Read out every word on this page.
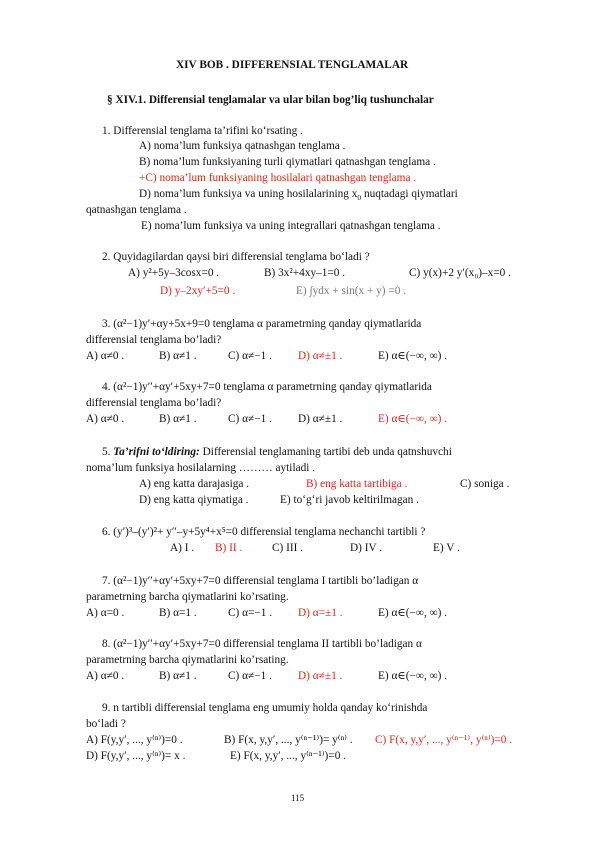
XIV BOB . DIFFERENSIAL TENGLAMALAR
§ XIV.1. Differensial tenglamalar va ular bilan bog’liq tushunchalar
1. Differensial tenglama ta’rifini ko‘rsating .
A) noma’lum funksiya qatnashgan tenglama .
B) noma’lum funksiyaning turli qiymatlari qatnashgan tenglama .
+C) noma’lum funksiyaning hosilalari qatnashgan tenglama .
D) noma’lum funksiya va uning hosilalarining $x_0$ nuqtadagi qiymatlari
qatnashgan tenglama .
E) noma’lum funksiya va uning integrallari qatnashgan tenglama .
2. Quyidagilardan qaysi biri differensial tenglama bo‘ladi ?
A) y²+5y–3cosx=0 .	B) 3x²+4xy–1=0 .	C) y(x)+2 y′(x₀)–x=0 .
D) y–2xy′+5=0 .	E) ∫ydx + sin(x + y) =0 .
3. (α²−1)y′+αy+5x+9=0 tenglama α parametrning qanday qiymatlarida
differensial tenglama bo’ladi?
A) α≠0 .	B) α≠1 .	C) α≠−1 . D) α≠±1 .	E) α∈(−∞, ∞) .
4. (α²−1)y′′+αy′+5xy+7=0 tenglama α parametrning qanday qiymatlarida
differensial tenglama bo’ladi?
A) α≠0 .	B) α≠1 .	C) α≠−1 . D) α≠±1 .	E) α∈(−∞, ∞) .
5. Ta’rifni to‘ldiring: Differensial tenglamaning tartibi deb unda qatnshuvchi
noma’lum funksiya hosilalarning ……… aytiladi .
A) eng katta darajasiga .	B) eng katta tartibiga .	C) soniga .
D) eng katta qiymatiga .	E) to‘g‘ri javob keltirilmagan .
6. (y′)³–(y′)²+ y′′–y+5y⁴+x⁵=0 differensial tenglama nechanchi tartibli ?
A) I . B) II .	C) III .	D) IV .	E) V .
7. (α²−1)y′′+αy′+5xy+7=0 differensial tenglama I tartibli bo’ladigan α
parametrning barcha qiymatlarini ko’rsating.
A) α=0 .	B) α=1 .	C) α=−1 . D) α=±1 .	E) α∈(−∞, ∞) .
8. (α²−1)y′′+αy′+5xy+7=0 differensial tenglama II tartibli bo’ladigan α
parametrning barcha qiymatlarini ko’rsating.
A) α≠0 .	B) α≠1 .	C) α≠−1 . D) α≠±1 .	E) α∈(−∞, ∞) .
9. n tartibli differensial tenglama eng umumiy holda qanday ko‘rinishda
bo‘ladi ?
A) F(y,y′, ..., y⁽ⁿ⁾)=0 .	B) F(x, y,y′, ..., y⁽ⁿ⁻¹⁾)= y⁽ⁿ⁾ . C) F(x, y,y′, ..., y⁽ⁿ⁻¹⁾, y⁽ⁿ⁾)=0 .
D) F(y,y′, ..., y⁽ⁿ⁾)= x .	E) F(x, y,y′, ..., y⁽ⁿ⁻¹⁾)=0 .
115
